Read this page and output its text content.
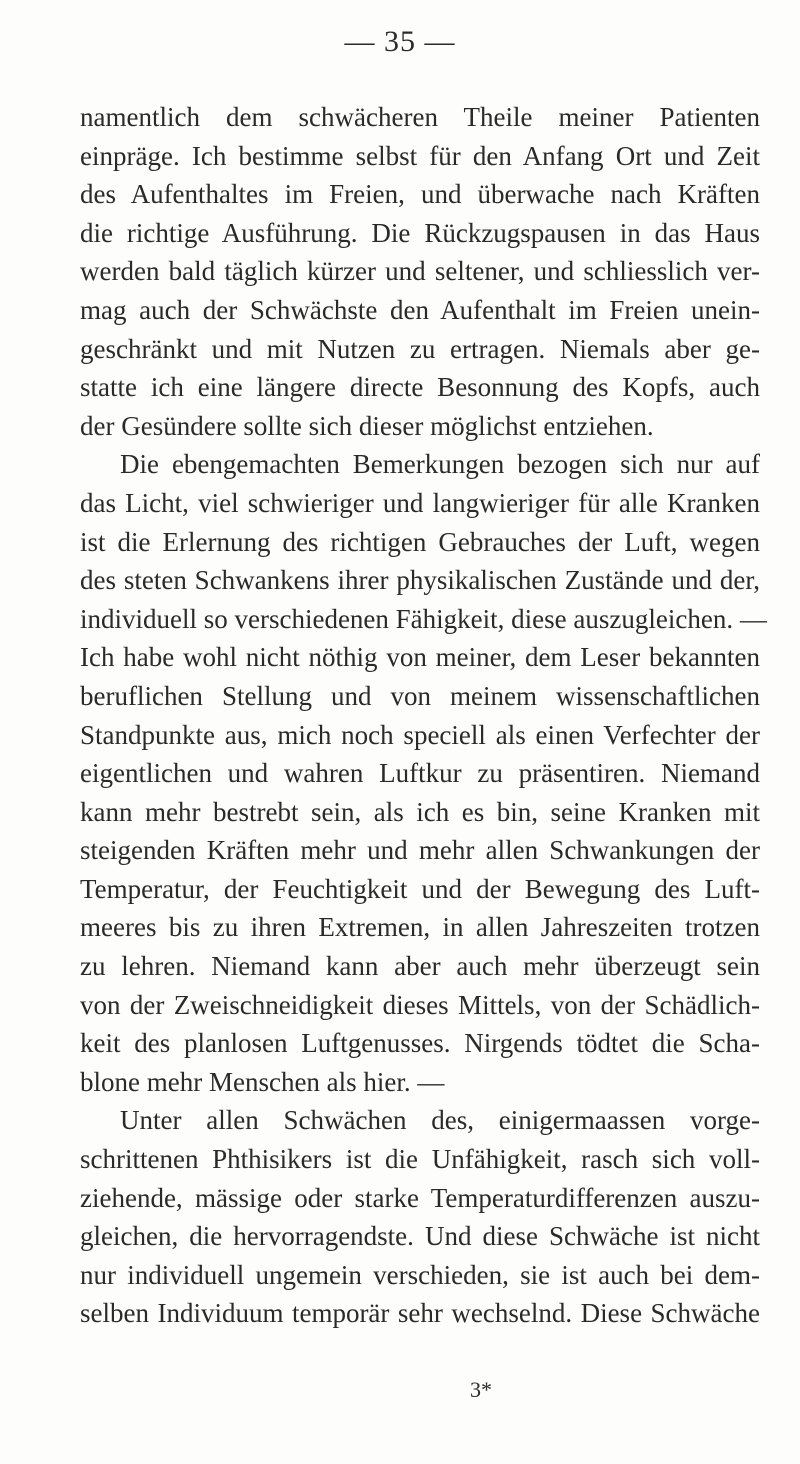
— 35 —
namentlich dem schwächeren Theile meiner Patienten
einpräge. Ich bestimme selbst für den Anfang Ort und Zeit
des Aufenthaltes im Freien, und überwache nach Kräften
die richtige Ausführung. Die Rückzugspausen in das Haus
werden bald täglich kürzer und seltener, und schliesslich ver-
mag auch der Schwächste den Aufenthalt im Freien unein-
geschränkt und mit Nutzen zu ertragen. Niemals aber ge-
statte ich eine längere directe Besonnung des Kopfs, auch
der Gesündere sollte sich dieser möglichst entziehen.
Die ebengemachten Bemerkungen bezogen sich nur auf
das Licht, viel schwieriger und langwieriger für alle Kranken
ist die Erlernung des richtigen Gebrauches der Luft, wegen
des steten Schwankens ihrer physikalischen Zustände und der,
individuell so verschiedenen Fähigkeit, diese auszugleichen. —
Ich habe wohl nicht nöthig von meiner, dem Leser bekannten
beruflichen Stellung und von meinem wissenschaftlichen
Standpunkte aus, mich noch speciell als einen Verfechter der
eigentlichen und wahren Luftkur zu präsentiren. Niemand
kann mehr bestrebt sein, als ich es bin, seine Kranken mit
steigenden Kräften mehr und mehr allen Schwankungen der
Temperatur, der Feuchtigkeit und der Bewegung des Luft-
meeres bis zu ihren Extremen, in allen Jahreszeiten trotzen
zu lehren. Niemand kann aber auch mehr überzeugt sein
von der Zweischneidigkeit dieses Mittels, von der Schädlich-
keit des planlosen Luftgenusses. Nirgends tödtet die Scha-
blone mehr Menschen als hier. —
Unter allen Schwächen des, einigermaassen vorge-
schrittenen Phthisikers ist die Unfähigkeit, rasch sich voll-
ziehende, mässige oder starke Temperaturdifferenzen auszu-
gleichen, die hervorragendste. Und diese Schwäche ist nicht
nur individuell ungemein verschieden, sie ist auch bei dem-
selben Individuum temporär sehr wechselnd. Diese Schwäche
3*
